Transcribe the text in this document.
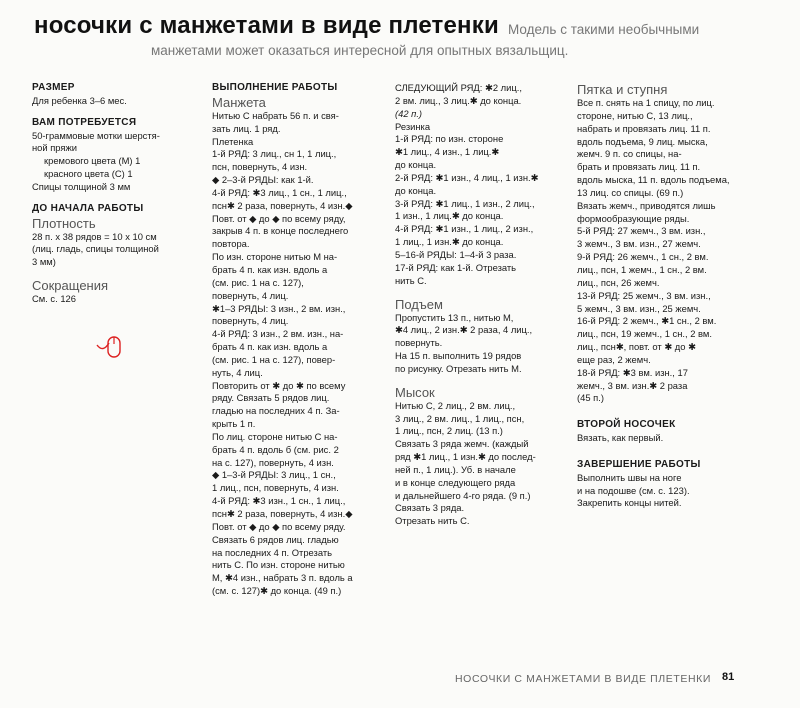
носочки с манжетами в виде плетенки Модель с такими необычными
манжетами может оказаться интересной для опытных вязальщиц.
РАЗМЕР
Для ребенка 3–6 мес.
ВАМ ПОТРЕБУЕТСЯ
50-граммовые мотки шерстя-
ной пряжи
кремового цвета (M) 1
красного цвета (C) 1
Спицы толщиной 3 мм
ДО НАЧАЛА РАБОТЫ
Плотность
28 п. x 38 рядов = 10 x 10 см
(лиц. гладь, спицы толщиной
3 мм)
Сокращения
См. с. 126
ВЫПОЛНЕНИЕ РАБОТЫ
Манжета
Нитью С набрать 56 п. и свя-
зать лиц. 1 ряд.
Плетенка
1-й РЯД: 3 лиц., сн 1, 1 лиц.,
псн, повернуть, 4 изн.
◆ 2–3-й РЯДЫ: как 1-й.
4-й РЯД: ✱3 лиц., 1 сн., 1 лиц.,
псн✱ 2 раза, повернуть, 4 изн.◆
Повт. от ◆ до ◆ по всему ряду,
закрыв 4 п. в конце последнего
повтора.
По изн. стороне нитью М на-
брать 4 п. как изн. вдоль a
(см. рис. 1 на с. 127),
повернуть, 4 лиц.
✱1–3 РЯДЫ: 3 изн., 2 вм. изн.,
повернуть, 4 лиц.
4-й РЯД: 3 изн., 2 вм. изн., на-
брать 4 п. как изн. вдоль a
(см. рис. 1 на с. 127), повер-
нуть, 4 лиц.
Повторить от ✱ до ✱ по всему
ряду. Связать 5 рядов лиц.
гладью на последних 4 п. За-
крыть 1 п.
По лиц. стороне нитью С на-
брать 4 п. вдоль б (см. рис. 2
на с. 127), повернуть, 4 изн.
◆ 1–3-й РЯДЫ: 3 лиц., 1 сн.,
1 лиц., псн, повернуть, 4 изн.
4-й РЯД: ✱3 изн., 1 сн., 1 лиц.,
псн✱ 2 раза, повернуть, 4 изн.◆
Повт. от ◆ до ◆ по всему ряду.
Связать 6 рядов лиц. гладью
на последних 4 п. Отрезать
нить С. По изн. стороне нитью
М, ✱4 изн., набрать 3 п. вдоль a
(см. с. 127)✱ до конца. (49 п.)
СЛЕДУЮЩИЙ РЯД: ✱2 лиц.,
2 вм. лиц., 3 лиц.✱ до конца.
(42 п.)
Резинка
1-й РЯД: по изн. стороне
✱1 лиц., 4 изн., 1 лиц.✱
до конца.
2-й РЯД: ✱1 изн., 4 лиц., 1 изн.✱
до конца.
3-й РЯД: ✱1 лиц., 1 изн., 2 лиц.,
1 изн., 1 лиц.✱ до конца.
4-й РЯД: ✱1 изн., 1 лиц., 2 изн.,
1 лиц., 1 изн.✱ до конца.
5–16-й РЯДЫ: 1–4-й 3 раза.
17-й РЯД: как 1-й. Отрезать
нить С.
Подъем
Пропустить 13 п., нитью М,
✱4 лиц., 2 изн.✱ 2 раза, 4 лиц.,
повернуть.
На 15 п. выполнить 19 рядов
по рисунку. Отрезать нить М.
Мысок
Нитью С, 2 лиц., 2 вм. лиц.,
3 лиц., 2 вм. лиц., 1 лиц., псн,
1 лиц., псн, 2 лиц. (13 п.)
Связать 3 ряда жемч. (каждый
ряд ✱1 лиц., 1 изн.✱ до послед-
ней п., 1 лиц.). Уб. в начале
и в конце следующего ряда
и дальнейшего 4-го ряда. (9 п.)
Связать 3 ряда.
Отрезать нить С.
Пятка и ступня
Все п. снять на 1 спицу, по лиц.
стороне, нитью С, 13 лиц.,
набрать и провязать лиц. 11 п.
вдоль подъема, 9 лиц. мыска,
жемч. 9 п. со спицы, на-
брать и провязать лиц. 11 п.
вдоль мыска, 11 п. вдоль подъема,
13 лиц. со спицы. (69 п.)
Вязать жемч., приводятся лишь
формообразующие ряды.
5-й РЯД: 27 жемч., 3 вм. изн.,
3 жемч., 3 вм. изн., 27 жемч.
9-й РЯД: 26 жемч., 1 сн., 2 вм.
лиц., псн, 1 жемч., 1 сн., 2 вм.
лиц., псн, 26 жемч.
13-й РЯД: 25 жемч., 3 вм. изн.,
5 жемч., 3 вм. изн., 25 жемч.
16-й РЯД: 2 жемч., ✱1 сн., 2 вм.
лиц., псн, 19 жемч., 1 сн., 2 вм.
лиц., псн✱, повт. от ✱ до ✱
еще раз, 2 жемч.
18-й РЯД: ✱3 вм. изн., 17
жемч., 3 вм. изн.✱ 2 раза
(45 п.)
ВТОРОЙ НОСОЧЕК
Вязать, как первый.
ЗАВЕРШЕНИЕ РАБОТЫ
Выполнить швы на ноге
и на подошве (см. с. 123).
Закрепить концы нитей.
НОСОЧКИ С МАНЖЕТАМИ В ВИДЕ ПЛЕТЕНКИ 81
